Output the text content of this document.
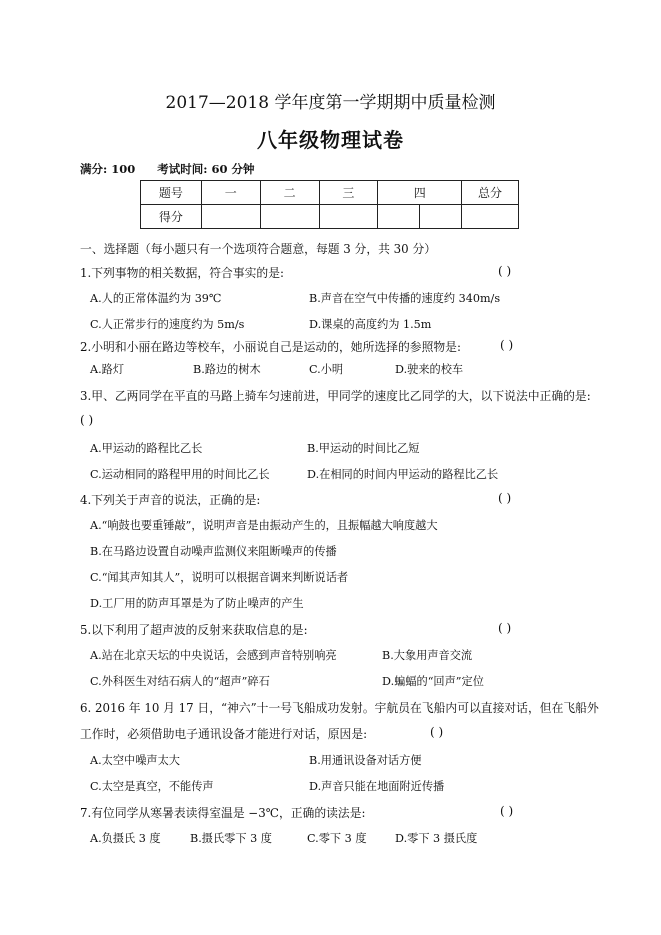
2017—2018 学年度第一学期期中质量检测
八年级物理试卷
满分: 100 考试时间: 60 分钟
题号	一	二	三	四		总分
得分						
一、选择题（每小题只有一个选项符合题意，每题 3 分，共 30 分）
1.下列事物的相关数据，符合事实的是:	( )
A.人的正常体温约为 39℃	B.声音在空气中传播的速度约 340m/s
C.人正常步行的速度约为 5m/s	D.课桌的高度约为 1.5m
2.小明和小丽在路边等校车，小丽说自己是运动的，她所选择的参照物是:	( )
A.路灯	B.路边的树木	C.小明	D.驶来的校车
3.甲、乙两同学在平直的马路上骑车匀速前进，甲同学的速度比乙同学的大，以下说法中正确的是:
( )
A.甲运动的路程比乙长	B.甲运动的时间比乙短
C.运动相同的路程甲用的时间比乙长	D.在相同的时间内甲运动的路程比乙长
4.下列关于声音的说法，正确的是:	( )
A.“响鼓也要重锤敲”，说明声音是由振动产生的，且振幅越大响度越大
B.在马路边设置自动噪声监测仪来阻断噪声的传播
C.“闻其声知其人”，说明可以根据音调来判断说话者
D.工厂用的防声耳罩是为了防止噪声的产生
5.以下利用了超声波的反射来获取信息的是:	( )
A.站在北京天坛的中央说话，会感到声音特别响亮	B.大象用声音交流
C.外科医生对结石病人的“超声”碎石	D.蝙蝠的“回声”定位
6. 2016 年 10 月 17 日，“神六”十一号飞船成功发射。宇航员在飞船内可以直接对话，但在飞船外
工作时，必须借助电子通讯设备才能进行对话，原因是:	( )
A.太空中噪声太大	B.用通讯设备对话方便
C.太空是真空，不能传声	D.声音只能在地面附近传播
7.有位同学从寒暑表读得室温是 −3℃，正确的读法是:	( )
A.负摄氏 3 度	B.摄氏零下 3 度	C.零下 3 度	D.零下 3 摄氏度
